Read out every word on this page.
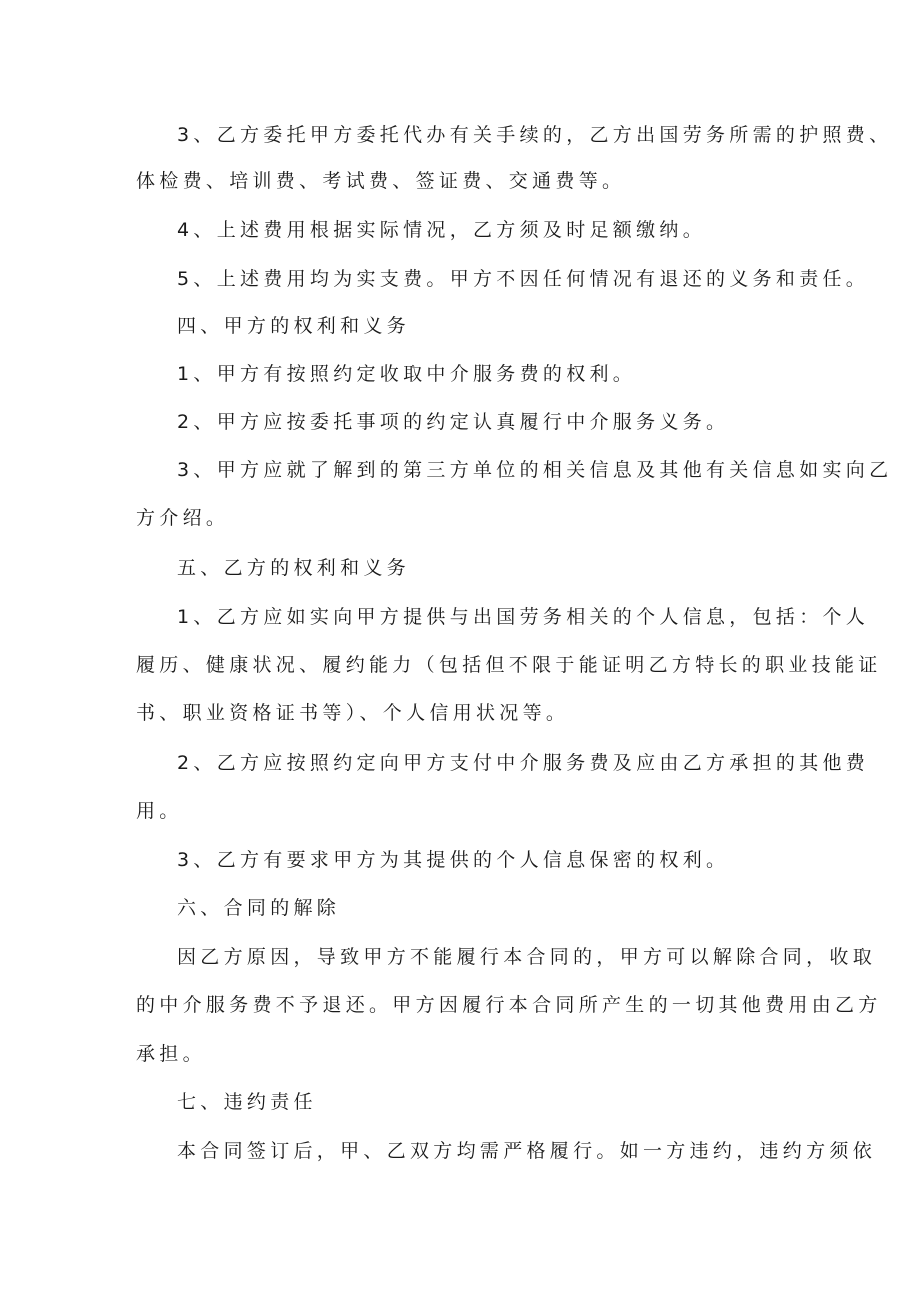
3、乙方委托甲方委托代办有关手续的，乙方出国劳务所需的护照费、

体检费、培训费、考试费、签证费、交通费等。

4、上述费用根据实际情况，乙方须及时足额缴纳。

5、上述费用均为实支费。甲方不因任何情况有退还的义务和责任。

四、甲方的权利和义务

1、甲方有按照约定收取中介服务费的权利。

2、甲方应按委托事项的约定认真履行中介服务义务。

3、甲方应就了解到的第三方单位的相关信息及其他有关信息如实向乙

方介绍。

五、乙方的权利和义务

1、乙方应如实向甲方提供与出国劳务相关的个人信息，包括：个人

履历、健康状况、履约能力（包括但不限于能证明乙方特长的职业技能证

书、职业资格证书等）、个人信用状况等。

2、乙方应按照约定向甲方支付中介服务费及应由乙方承担的其他费

用。

3、乙方有要求甲方为其提供的个人信息保密的权利。

六、合同的解除

因乙方原因，导致甲方不能履行本合同的，甲方可以解除合同，收取

的中介服务费不予退还。甲方因履行本合同所产生的一切其他费用由乙方

承担。

七、违约责任

本合同签订后，甲、乙双方均需严格履行。如一方违约，违约方须依
